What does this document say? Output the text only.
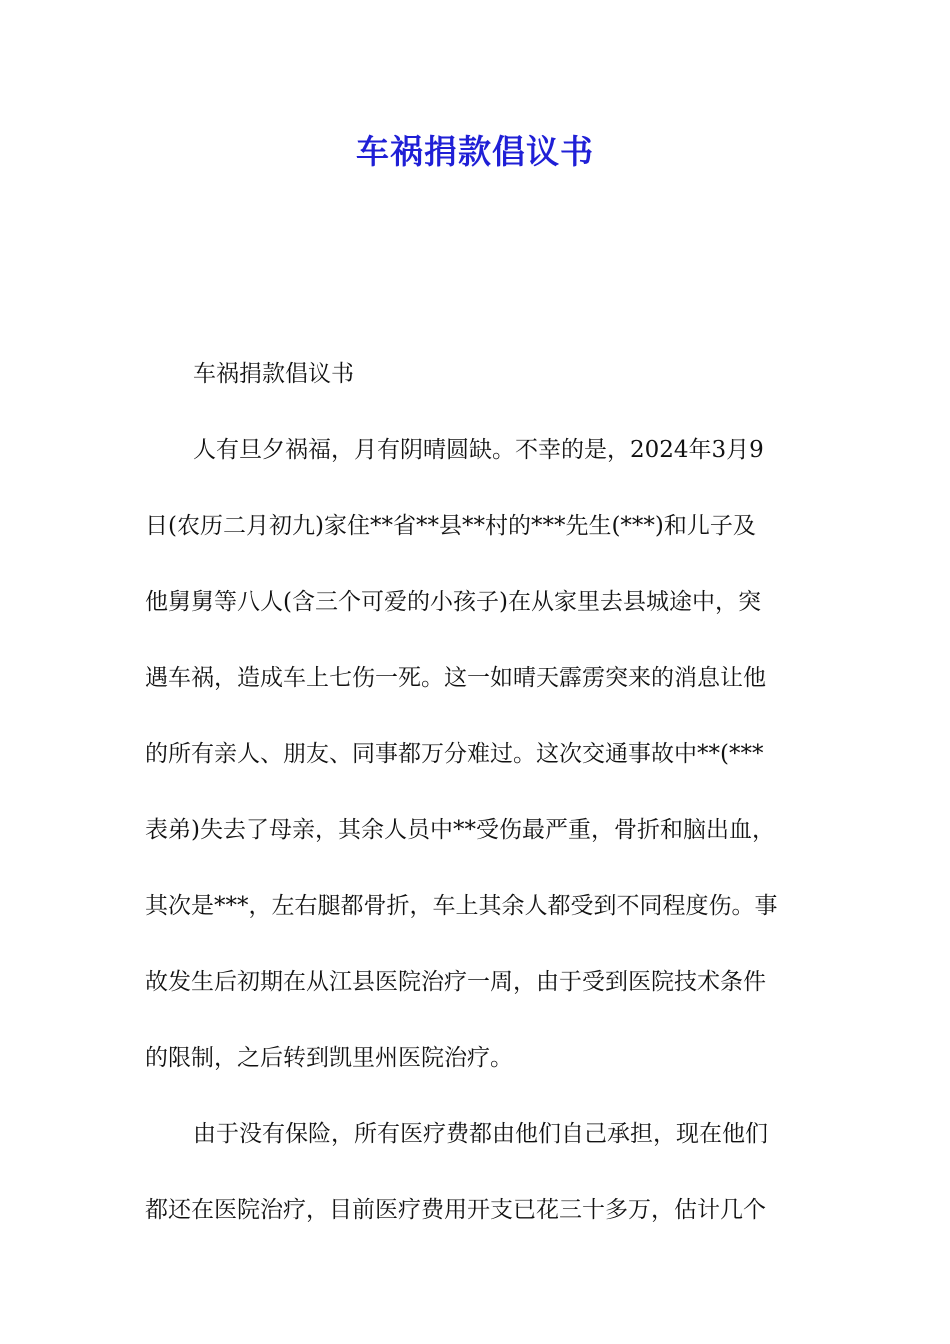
车祸捐款倡议书
车祸捐款倡议书
人有旦夕祸福，月有阴晴圆缺。不幸的是，2024年3月9
日(农历二月初九)家住**省**县**村的***先生(***)和儿子及
他舅舅等八人(含三个可爱的小孩子)在从家里去县城途中，突
遇车祸，造成车上七伤一死。这一如晴天霹雳突来的消息让他
的所有亲人、朋友、同事都万分难过。这次交通事故中**(***
表弟)失去了母亲，其余人员中**受伤最严重，骨折和脑出血，
其次是***，左右腿都骨折，车上其余人都受到不同程度伤。事
故发生后初期在从江县医院治疗一周，由于受到医院技术条件
的限制，之后转到凯里州医院治疗。
由于没有保险，所有医疗费都由他们自己承担，现在他们
都还在医院治疗，目前医疗费用开支已花三十多万，估计几个
